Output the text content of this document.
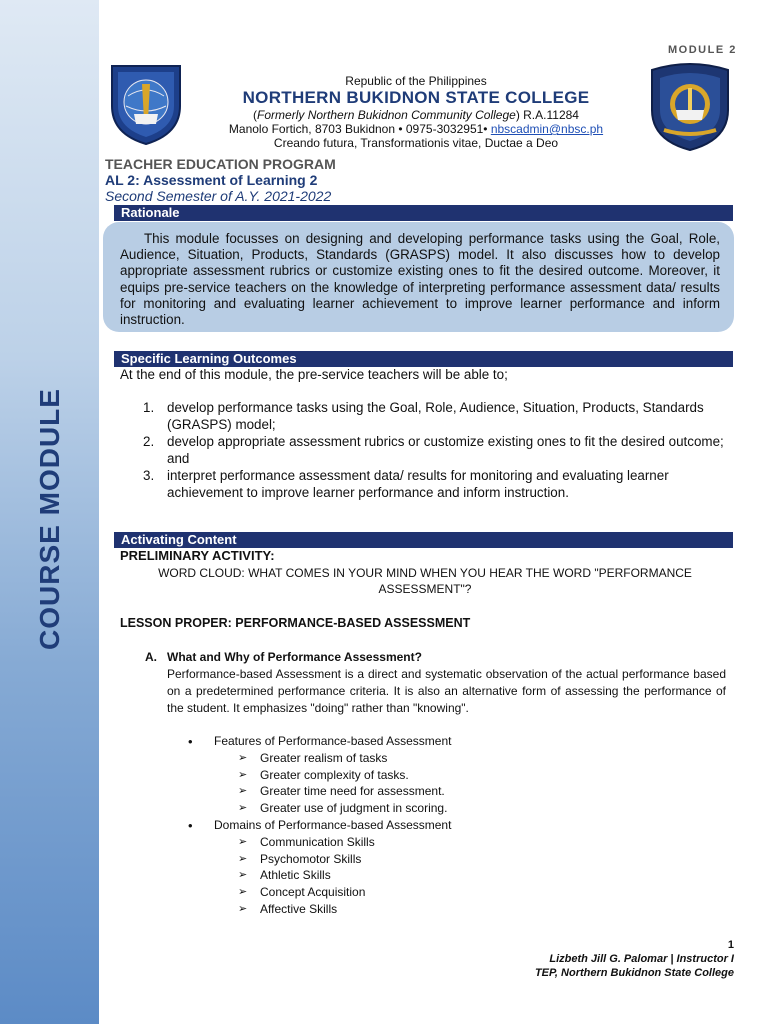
COURSE MODULE
MODULE 2
Republic of the Philippines
NORTHERN BUKIDNON STATE COLLEGE
(Formerly Northern Bukidnon Community College) R.A.11284
Manolo Fortich, 8703 Bukidnon • 0975-3032951• nbscadmin@nbsc.ph
Creando futura, Transformationis vitae, Ductae a Deo
TEACHER EDUCATION PROGRAM
AL 2: Assessment of Learning 2
Second Semester of A.Y. 2021-2022
Rationale

This module focusses on designing and developing performance tasks using the Goal, Role, Audience, Situation, Products, Standards (GRASPS) model. It also discusses how to develop appropriate assessment rubrics or customize existing ones to fit the desired outcome. Moreover, it equips pre-service teachers on the knowledge of interpreting performance assessment data/ results for monitoring and evaluating learner achievement to improve learner performance and inform instruction.

Specific Learning Outcomes
At the end of this module, the pre-service teachers will be able to;
1. develop performance tasks using the Goal, Role, Audience, Situation, Products, Standards (GRASPS) model;
2. develop appropriate assessment rubrics or customize existing ones to fit the desired outcome; and
3. interpret performance assessment data/ results for monitoring and evaluating learner achievement to improve learner performance and inform instruction.
Activating Content
PRELIMINARY ACTIVITY:
WORD CLOUD: WHAT COMES IN YOUR MIND WHEN YOU HEAR THE WORD "PERFORMANCE ASSESSMENT"?
LESSON PROPER: PERFORMANCE-BASED ASSESSMENT
A. What and Why of Performance Assessment?

Performance-based Assessment is a direct and systematic observation of the actual performance based on a predetermined performance criteria. It is also an alternative form of assessing the performance of the student. It emphasizes "doing" rather than "knowing".

• Features of Performance-based Assessment
➢ Greater realism of tasks
➢ Greater complexity of tasks.
➢ Greater time need for assessment.
➢ Greater use of judgment in scoring.
• Domains of Performance-based Assessment
➢ Communication Skills
➢ Psychomotor Skills
➢ Athletic Skills
➢ Concept Acquisition
➢ Affective Skills
1
Lizbeth Jill G. Palomar | Instructor I
TEP, Northern Bukidnon State College
